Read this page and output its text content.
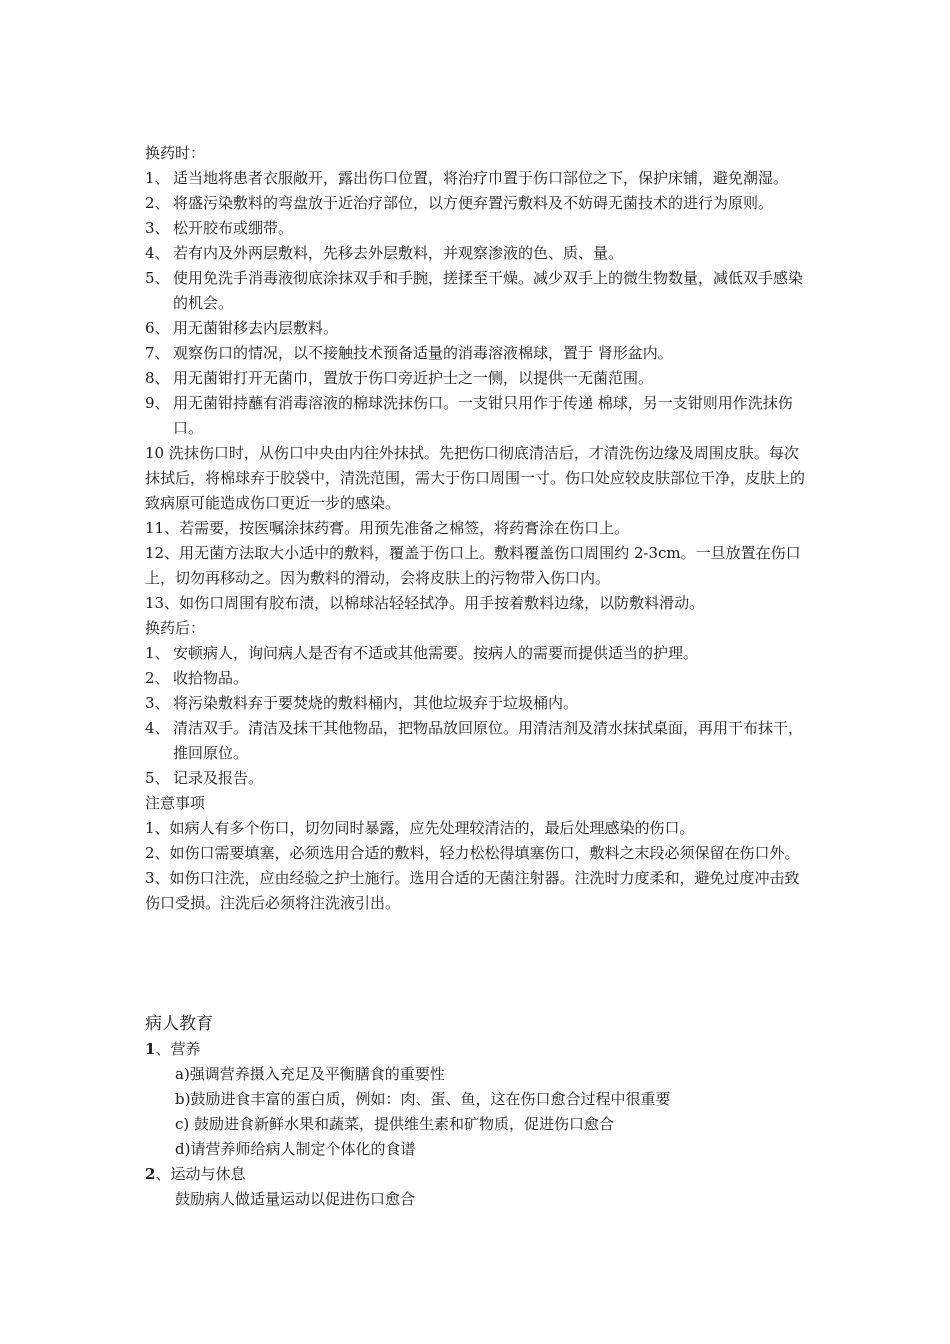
换药时：
1、 适当地将患者衣服敞开，露出伤口位置，将治疗巾置于伤口部位之下，保护床铺，避免潮湿。
2、 将盛污染敷料的弯盘放于近治疗部位，以方便弃置污敷料及不妨碍无菌技术的进行为原则。
3、 松开胶布或绷带。
4、 若有内及外两层敷料，先移去外层敷料，并观察渗液的色、质、量。
5、 使用免洗手消毒液彻底涂抹双手和手腕，搓揉至干燥。减少双手上的微生物数量，减低双手感染的机会。
6、 用无菌钳移去内层敷料。
7、 观察伤口的情况，以不接触技术预备适量的消毒溶液棉球，置于 肾形盆内。
8、 用无菌钳打开无菌巾，置放于伤口旁近护士之一侧，以提供一无菌范围。
9、 用无菌钳持蘸有消毒溶液的棉球洗抹伤口。一支钳只用作于传递 棉球，另一支钳则用作洗抹伤口。
10 洗抹伤口时，从伤口中央由内往外抹拭。先把伤口彻底清洁后，才清洗伤边缘及周围皮肤。每次抹拭后，将棉球弃于胶袋中，清洗范围，需大于伤口周围一寸。伤口处应较皮肤部位干净，皮肤上的致病原可能造成伤口更近一步的感染。
11、若需要，按医嘱涂抹药膏。用预先准备之棉签，将药膏涂在伤口上。
12、用无菌方法取大小适中的敷料，覆盖于伤口上。敷料覆盖伤口周围约 2-3cm。一旦放置在伤口上，切勿再移动之。因为敷料的滑动，会将皮肤上的污物带入伤口内。
13、如伤口周围有胶布渍，以棉球沾轻轻拭净。用手按着敷料边缘，以防敷料滑动。
换药后：
1、 安顿病人，询问病人是否有不适或其他需要。按病人的需要而提供适当的护理。
2、 收拾物品。
3、 将污染敷料弃于要焚烧的敷料桶内，其他垃圾弃于垃圾桶内。
4、 清洁双手。清洁及抹干其他物品，把物品放回原位。用清洁剂及清水抹拭桌面，再用干布抹干，推回原位。
5、 记录及报告。
注意事项
1、如病人有多个伤口，切勿同时暴露，应先处理较清洁的，最后处理感染的伤口。
2、如伤口需要填塞，必须选用合适的敷料，轻力松松得填塞伤口，敷料之末段必须保留在伤口外。
3、如伤口注洗，应由经验之护士施行。选用合适的无菌注射器。注洗时力度柔和，避免过度冲击致伤口受损。注洗后必须将注洗液引出。
病人教育
1、营养
a)强调营养摄入充足及平衡膳食的重要性
b)鼓励进食丰富的蛋白质，例如：肉、蛋、鱼，这在伤口愈合过程中很重要
c) 鼓励进食新鲜水果和蔬菜，提供维生素和矿物质，促进伤口愈合
d)请营养师给病人制定个体化的食谱
2、运动与休息
鼓励病人做适量运动以促进伤口愈合
